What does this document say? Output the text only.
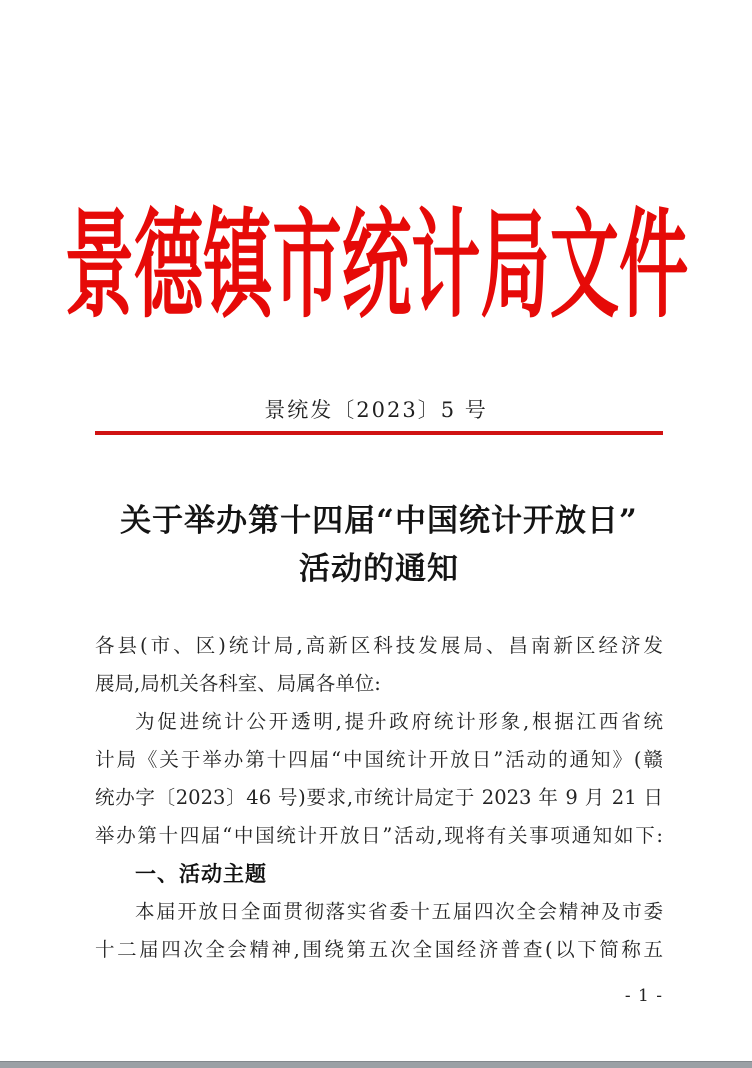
景德镇市统计局文件
景统发〔2023〕5 号
关于举办第十四届“中国统计开放日”
活动的通知
各县(市、区)统计局,高新区科技发展局、昌南新区经济发
展局,局机关各科室、局属各单位:
为促进统计公开透明,提升政府统计形象,根据江西省统
计局《关于举办第十四届“中国统计开放日”活动的通知》(赣
统办字〔2023〕46 号)要求,市统计局定于 2023 年 9 月 21 日
举办第十四届“中国统计开放日”活动,现将有关事项通知如下:
一、活动主题
本届开放日全面贯彻落实省委十五届四次全会精神及市委
十二届四次全会精神,围绕第五次全国经济普查(以下简称五
- 1 -
